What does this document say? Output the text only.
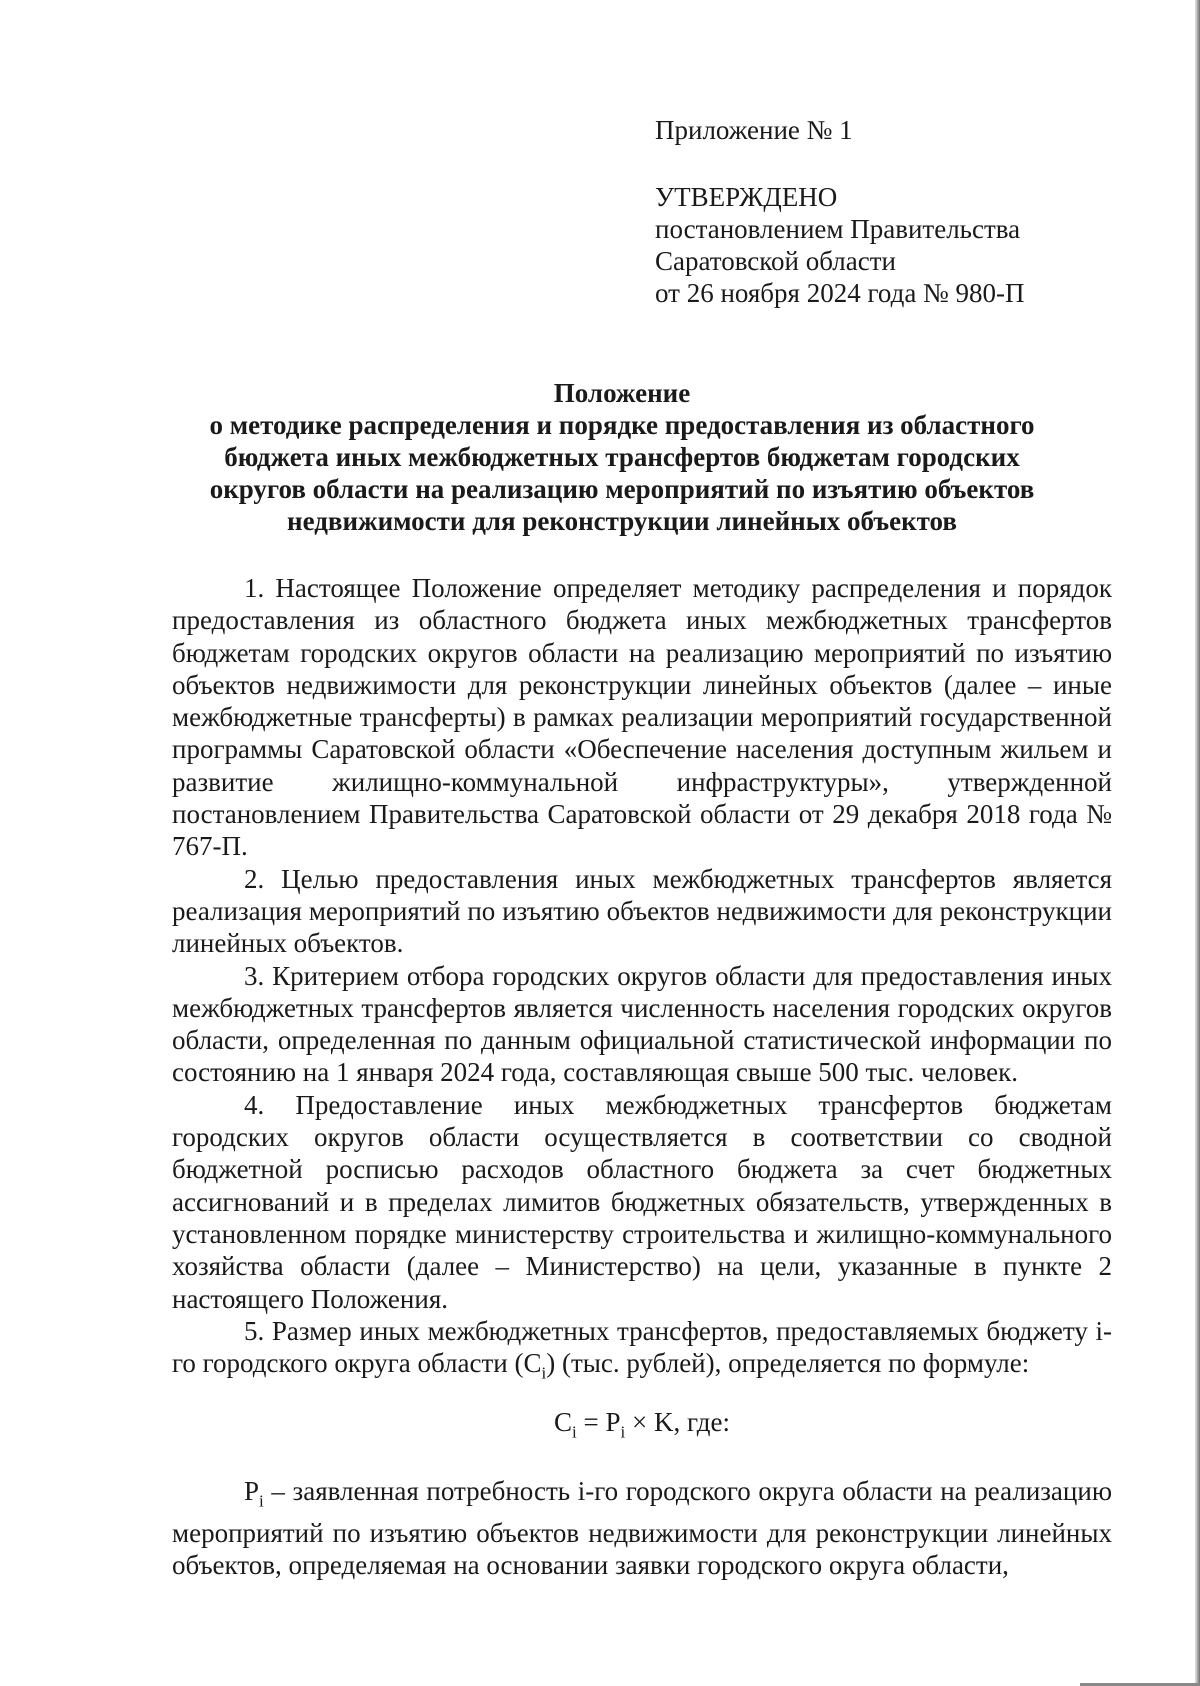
Приложение № 1
УТВЕРЖДЕНО
постановлением Правительства
Саратовской области
от 26 ноября 2024 года № 980-П
Положение
о методике распределения и порядке предоставления из областного
бюджета иных межбюджетных трансфертов бюджетам городских
округов области на реализацию мероприятий по изъятию объектов
недвижимости для реконструкции линейных объектов

1. Настоящее Положение определяет методику распределения и порядок предоставления из областного бюджета иных межбюджетных трансфертов бюджетам городских округов области на реализацию мероприятий по изъятию объектов недвижимости для реконструкции линейных объектов (далее – иные межбюджетные трансферты) в рамках реализации мероприятий государственной программы Саратовской области «Обеспечение населения доступным жильем и развитие жилищно-коммунальной инфраструктуры», утвержденной постановлением Правительства Саратовской области от 29 декабря 2018 года № 767-П.

2. Целью предоставления иных межбюджетных трансфертов является реализация мероприятий по изъятию объектов недвижимости для реконструкции линейных объектов.

3. Критерием отбора городских округов области для предоставления иных межбюджетных трансфертов является численность населения городских округов области, определенная по данным официальной статистической информации по состоянию на 1 января 2024 года, составляющая свыше 500 тыс. человек.

4. Предоставление иных межбюджетных трансфертов бюджетам городских округов области осуществляется в соответствии со сводной бюджетной росписью расходов областного бюджета за счет бюджетных ассигнований и в пределах лимитов бюджетных обязательств, утвержденных в установленном порядке министерству строительства и жилищно-коммунального хозяйства области (далее – Министерство) на цели, указанные в пункте 2 настоящего Положения.

5. Размер иных межбюджетных трансфертов, предоставляемых бюджету i-го городского округа области $(C_i)$ (тыс. рублей), определяется по формуле:

$C_i = P_i \times K$, где:

$P_i$ – заявленная потребность i-го городского округа области на реализацию мероприятий по изъятию объектов недвижимости для реконструкции линейных объектов, определяемая на основании заявки городского округа области,
